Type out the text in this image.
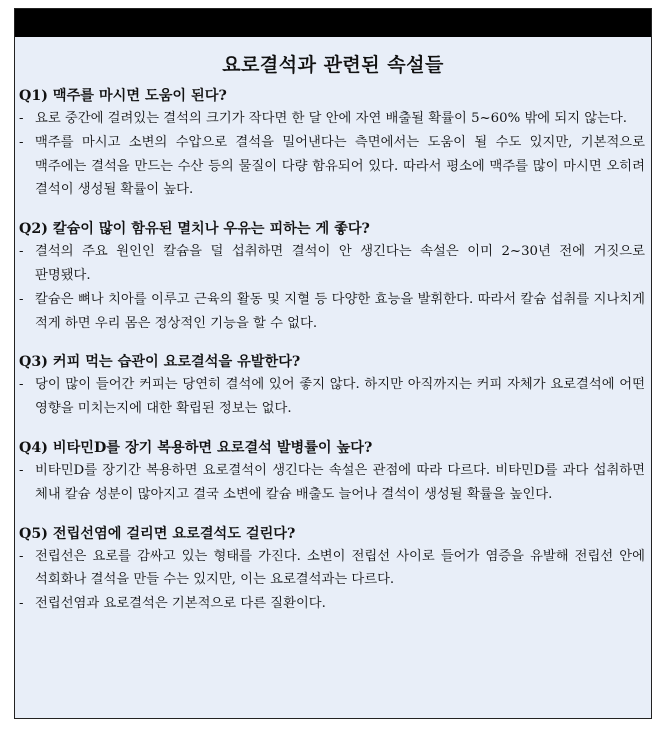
요로결석과 관련된 속설들

Q1) 맥주를 마시면 도움이 된다?

- 요로 중간에 걸려있는 결석의 크기가 작다면 한 달 안에 자연 배출될 확률이 5~60% 밖에 되지 않는다.
- 맥주를 마시고 소변의 수압으로 결석을 밀어낸다는 측면에서는 도움이 될 수도 있지만, 기본적으로 맥주에는 결석을 만드는 수산 등의 물질이 다량 함유되어 있다. 따라서 평소에 맥주를 많이 마시면 오히려 결석이 생성될 확률이 높다.

Q2) 칼슘이 많이 함유된 멸치나 우유는 피하는 게 좋다?

- 결석의 주요 원인인 칼슘을 덜 섭취하면 결석이 안 생긴다는 속설은 이미 2~30년 전에 거짓으로 판명됐다.
- 칼슘은 뼈나 치아를 이루고 근육의 활동 및 지혈 등 다양한 효능을 발휘한다. 따라서 칼슘 섭취를 지나치게 적게 하면 우리 몸은 정상적인 기능을 할 수 없다.

Q3) 커피 먹는 습관이 요로결석을 유발한다?

- 당이 많이 들어간 커피는 당연히 결석에 있어 좋지 않다. 하지만 아직까지는 커피 자체가 요로결석에 어떤 영향을 미치는지에 대한 확립된 정보는 없다.

Q4) 비타민D를 장기 복용하면 요로결석 발병률이 높다?

- 비타민D를 장기간 복용하면 요로결석이 생긴다는 속설은 관점에 따라 다르다. 비타민D를 과다 섭취하면 체내 칼슘 성분이 많아지고 결국 소변에 칼슘 배출도 늘어나 결석이 생성될 확률을 높인다.

Q5) 전립선염에 걸리면 요로결석도 걸린다?

- 전립선은 요로를 감싸고 있는 형태를 가진다. 소변이 전립선 사이로 들어가 염증을 유발해 전립선 안에 석회화나 결석을 만들 수는 있지만, 이는 요로결석과는 다르다.
- 전립선염과 요로결석은 기본적으로 다른 질환이다.
